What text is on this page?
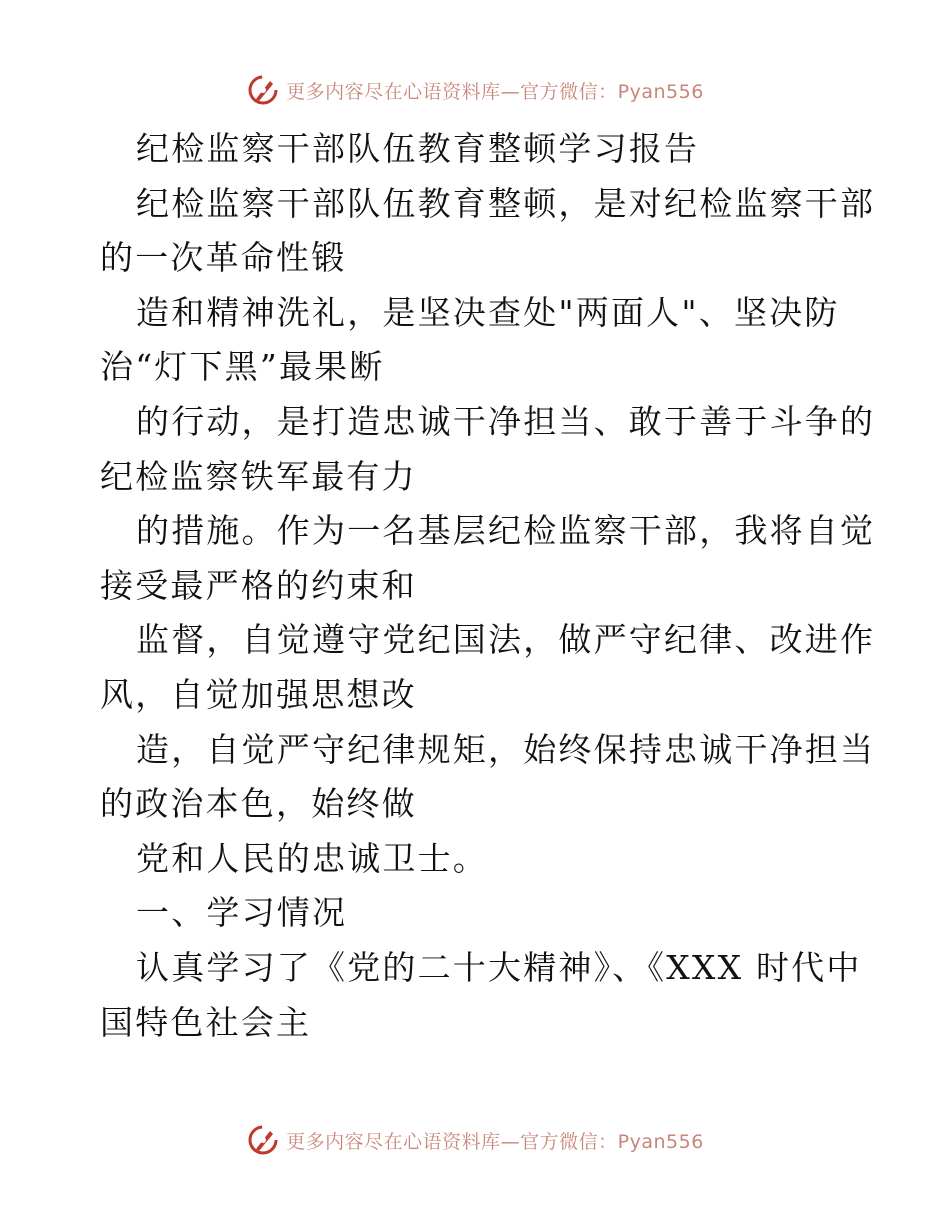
更多内容尽在心语资料库—官方微信：Pyan556
纪检监察干部队伍教育整顿学习报告
纪检监察干部队伍教育整顿，是对纪检监察干部
的一次革命性锻
造和精神洗礼，是坚决查处"两面人"、坚决防
治“灯下黑”最果断
的行动，是打造忠诚干净担当、敢于善于斗争的
纪检监察铁军最有力
的措施。作为一名基层纪检监察干部，我将自觉
接受最严格的约束和
监督，自觉遵守党纪国法，做严守纪律、改进作
风，自觉加强思想改
造，自觉严守纪律规矩，始终保持忠诚干净担当
的政治本色，始终做
党和人民的忠诚卫士。
一、学习情况
认真学习了《党的二十大精神》、《XXX 时代中
国特色社会主
更多内容尽在心语资料库—官方微信：Pyan556
